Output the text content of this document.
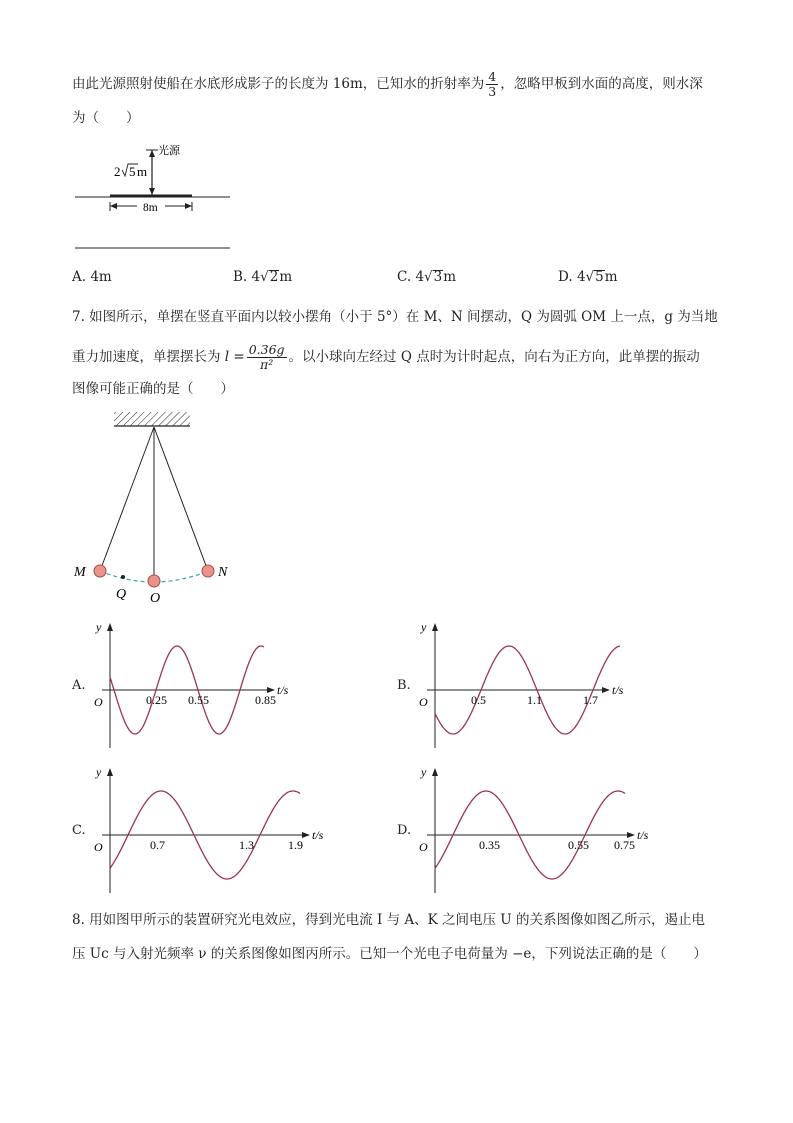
由此光源照射使船在水底形成影子的长度为 16m，已知水的折射率为 $\frac{4}{3}$ ，忽略甲板到水面的高度，则水深
为（　　）
光源
2 5 m
8m
A. 4m	B. 4√2m	C. 4√3m	D. 4√5m
7. 如图所示，单摆在竖直平面内以较小摆角（小于 5°）在 M、N 间摆动，Q 为圆弧 OM 上一点，g 为当地
重力加速度，单摆摆长为 $l = \frac{0.36g}{\text{π²}}$ 。以小球向左经过 Q 点时为计时起点，向右为正方向，此单摆的振动
图像可能正确的是（　　）
M	N
Q O
A.
y
t/s
O	0.25 0.55	0.85
B.
y
t/s
O	0.5	1.1	1.7
C.
y
t/s
O	0.7	1.3	1.9
D.
y
t/s
O	0.35	0.55 0.75
8. 用如图甲所示的装置研究光电效应，得到光电流 I 与 A、K 之间电压 U 的关系图像如图乙所示，遏止电
压 Uc 与入射光频率 ν 的关系图像如图丙所示。已知一个光电子电荷量为 −e，下列说法正确的是（　　）
